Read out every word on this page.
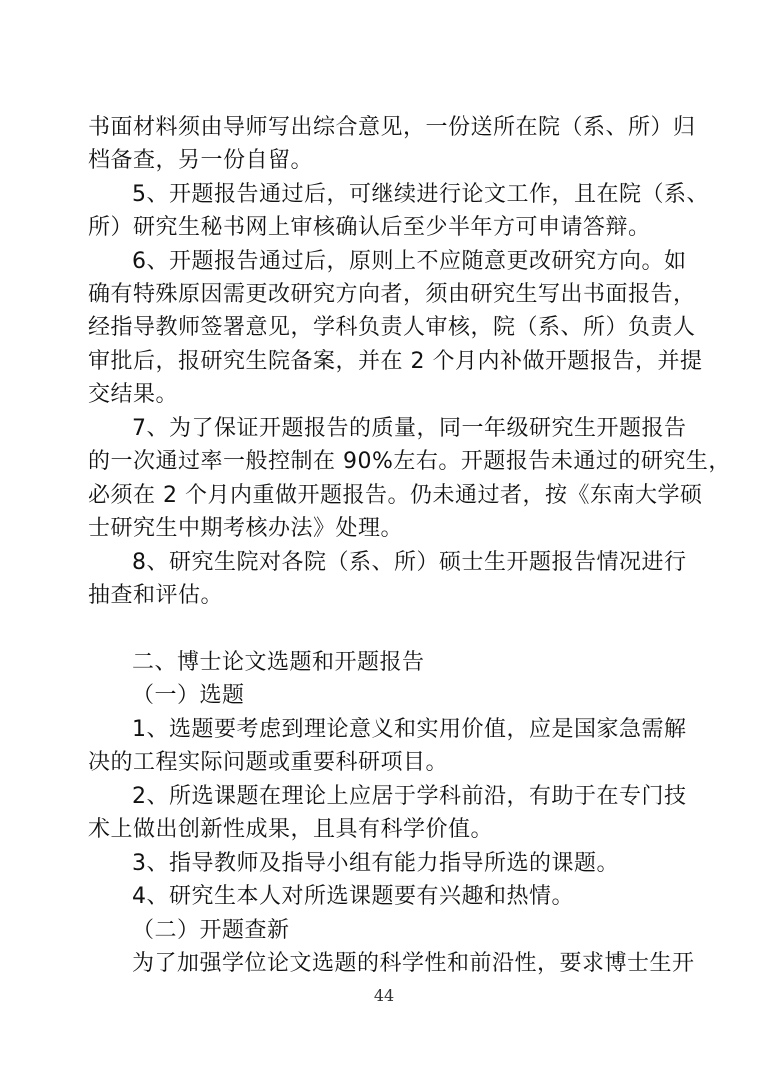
书面材料须由导师写出综合意见，一份送所在院（系、所）归
档备查，另一份自留。
5、开题报告通过后，可继续进行论文工作，且在院（系、
所）研究生秘书网上审核确认后至少半年方可申请答辩。
6、开题报告通过后，原则上不应随意更改研究方向。如
确有特殊原因需更改研究方向者，须由研究生写出书面报告，
经指导教师签署意见，学科负责人审核，院（系、所）负责人
审批后，报研究生院备案，并在 2 个月内补做开题报告，并提
交结果。
7、为了保证开题报告的质量，同一年级研究生开题报告
的一次通过率一般控制在 90%左右。开题报告未通过的研究生，
必须在 2 个月内重做开题报告。仍未通过者，按《东南大学硕
士研究生中期考核办法》处理。
8、研究生院对各院（系、所）硕士生开题报告情况进行
抽查和评估。
二、博士论文选题和开题报告
（一）选题
1、选题要考虑到理论意义和实用价值，应是国家急需解
决的工程实际问题或重要科研项目。
2、所选课题在理论上应居于学科前沿，有助于在专门技
术上做出创新性成果，且具有科学价值。
3、指导教师及指导小组有能力指导所选的课题。
4、研究生本人对所选课题要有兴趣和热情。
（二）开题查新
为了加强学位论文选题的科学性和前沿性，要求博士生开
44
